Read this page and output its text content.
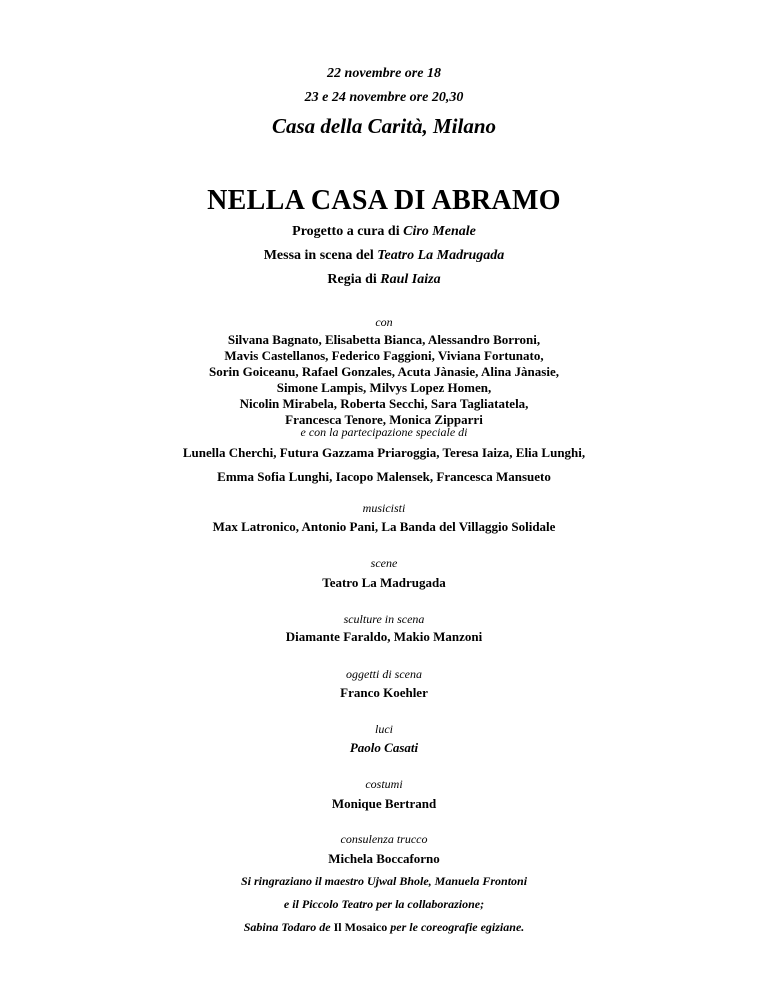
22 novembre ore 18
23 e 24 novembre ore 20,30
Casa della Carità, Milano
NELLA CASA DI ABRAMO
Progetto a cura di Ciro Menale
Messa in scena del Teatro La Madrugada
Regia di Raul Iaiza
con
Silvana Bagnato, Elisabetta Bianca, Alessandro Borroni,
Mavis Castellanos, Federico Faggioni, Viviana Fortunato,
Sorin Goiceanu, Rafael Gonzales, Acuta Jànasie, Alina Jànasie,
Simone Lampis, Milvys Lopez Homen,
Nicolin Mirabela, Roberta Secchi, Sara Tagliatatela,
Francesca Tenore, Monica Zipparri
e con la partecipazione speciale di
Lunella Cherchi, Futura Gazzama Priaroggia, Teresa Iaiza, Elia Lunghi,
Emma Sofia Lunghi, Iacopo Malensek, Francesca Mansueto
musicisti
Max Latronico, Antonio Pani, La Banda del Villaggio Solidale
scene
Teatro La Madrugada
sculture in scena
Diamante Faraldo, Makio Manzoni
oggetti di scena
Franco Koehler
luci
Paolo Casati
costumi
Monique Bertrand
consulenza trucco
Michela Boccaforno
Si ringraziano il maestro Ujwal Bhole, Manuela Frontoni
e il Piccolo Teatro per la collaborazione;
Sabina Todaro de Il Mosaico per le coreografie egiziane.
